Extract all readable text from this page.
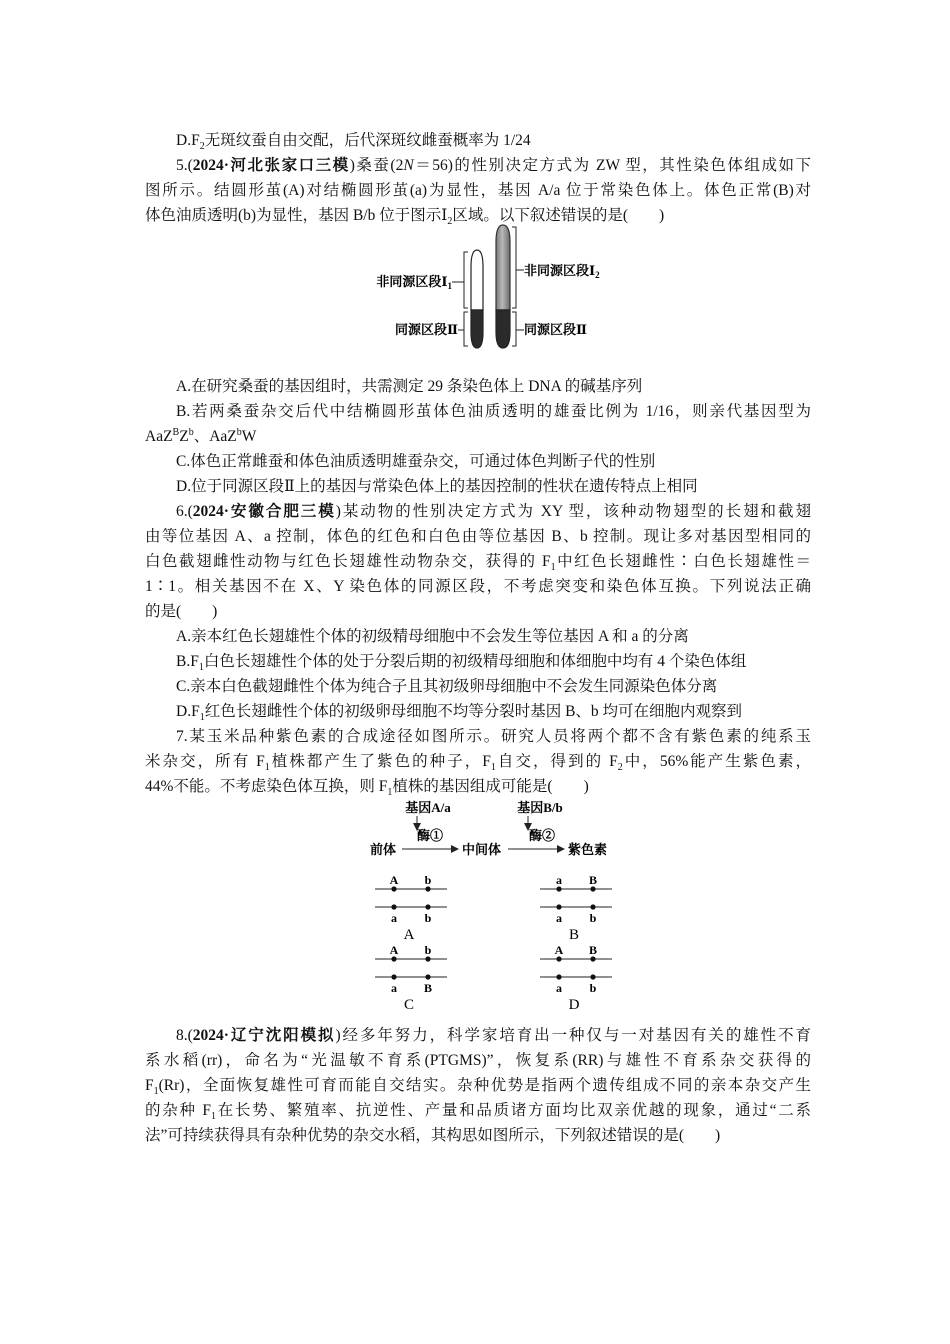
$D.F_2$无斑纹蚕自由交配，后代深斑纹雌蚕概率为 1/24
5.(2024·河北张家口三模)桑蚕(2N＝56)的性别决定方式为 ZW 型，其性染色体组成如下
图所示。结圆形茧(A)对结椭圆形茧(a)为显性，基因 A/a 位于常染色体上。体色正常(B)对
体色油质透明(b)为显性，基因 B/b 位于图示$Ⅰ_2$区域。以下叙述错误的是(　　)
非同源区段$Ⅰ_1$
同源区段Ⅱ
非同源区段$Ⅰ_2$
同源区段Ⅱ
A.在研究桑蚕的基因组时，共需测定 29 条染色体上 DNA 的碱基序列
B.若两桑蚕杂交后代中结椭圆形茧体色油质透明的雄蚕比例为 1/16，则亲代基因型为
$AaZ^BZ^b$、AaZ$^b$W
C.体色正常雌蚕和体色油质透明雄蚕杂交，可通过体色判断子代的性别
D.位于同源区段Ⅱ上的基因与常染色体上的基因控制的性状在遗传特点上相同
6.(2024·安徽合肥三模)某动物的性别决定方式为 XY 型，该种动物翅型的长翅和截翅
由等位基因 A、a 控制，体色的红色和白色由等位基因 B、b 控制。现让多对基因型相同的
白色截翅雌性动物与红色长翅雄性动物杂交，获得的 $F_1$中红色长翅雌性∶白色长翅雄性＝
1∶1。相关基因不在 X、Y 染色体的同源区段，不考虑突变和染色体互换。下列说法正确
的是(　　)
A.亲本红色长翅雄性个体的初级精母细胞中不会发生等位基因 A 和 a 的分离
$B.F_1$白色长翅雄性个体的处于分裂后期的初级精母细胞和体细胞中均有 4 个染色体组
C.亲本白色截翅雌性个体为纯合子且其初级卵母细胞中不会发生同源染色体分离
$D.F_1$红色长翅雌性个体的初级卵母细胞不均等分裂时基因 B、b 均可在细胞内观察到
7.某玉米品种紫色素的合成途径如图所示。研究人员将两个都不含有紫色素的纯系玉
米杂交，所有 $F_1$植株都产生了紫色的种子，$F_1$自交，得到的 $F_2$中，56%能产生紫色素，
44%不能。不考虑染色体互换，则 $F_1$植株的基因组成可能是(　　)
基因A/a	基因B/b
酶①	酶②
前体	中间体	紫色素
A b
a b
A
a B
a b
B
A b
a B
C
A B
a b
D
8.(2024·辽宁沈阳模拟)经多年努力，科学家培育出一种仅与一对基因有关的雄性不育
系水稻(rr)，命名为“光温敏不育系(PTGMS)”，恢复系(RR)与雄性不育系杂交获得的
$F_1(Rr)$，全面恢复雄性可育而能自交结实。杂种优势是指两个遗传组成不同的亲本杂交产生
的杂种 $F_1$在长势、繁殖率、抗逆性、产量和品质诸方面均比双亲优越的现象，通过“二系
法”可持续获得具有杂种优势的杂交水稻，其构思如图所示，下列叙述错误的是(　　)
